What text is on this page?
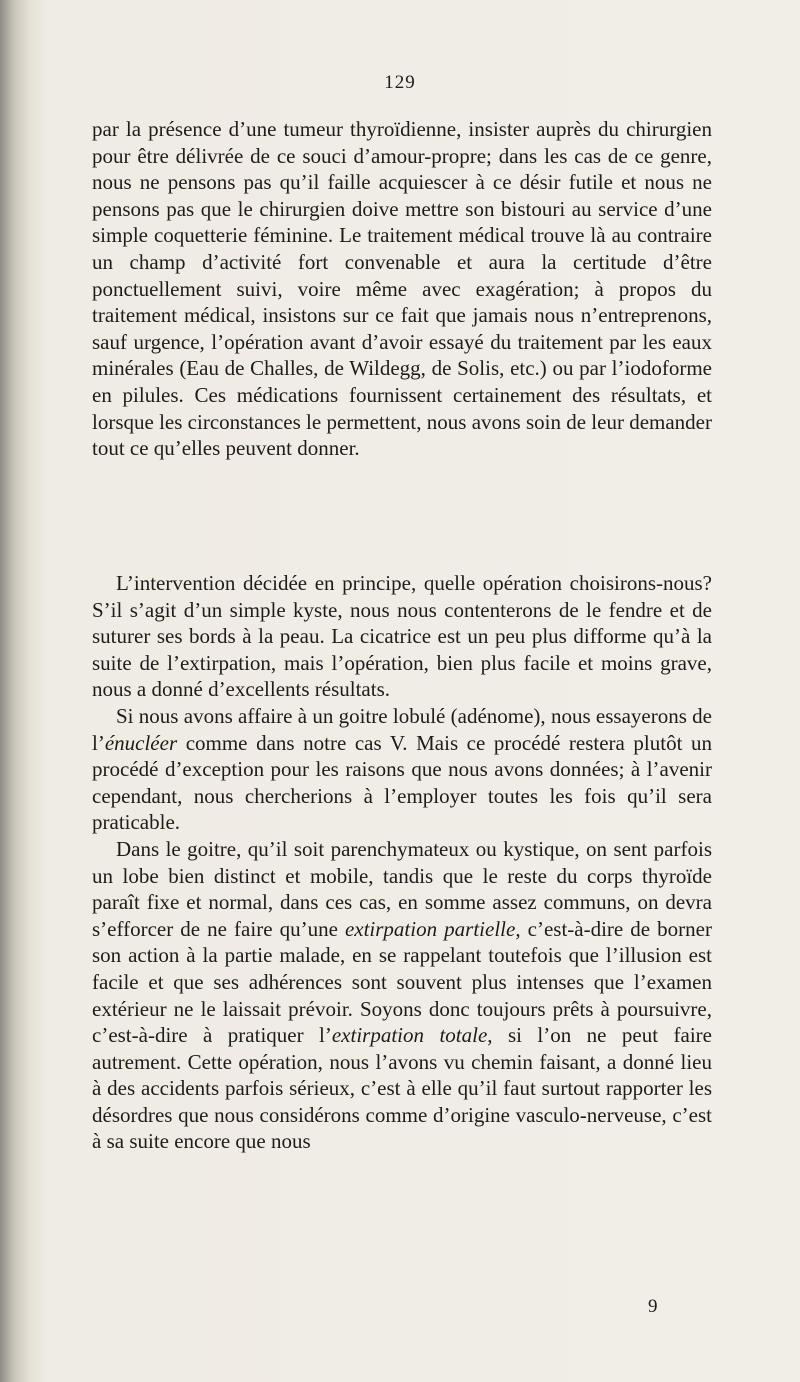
129

par la présence d’une tumeur thyroïdienne, insister auprès du chirurgien pour être délivrée de ce souci d’amour-propre; dans les cas de ce genre, nous ne pensons pas qu’il faille acquiescer à ce désir futile et nous ne pensons pas que le chirurgien doive mettre son bistouri au service d’une simple coquetterie féminine. Le traitement médical trouve là au contraire un champ d’activité fort convenable et aura la certitude d’être ponctuellement suivi, voire même avec exagération; à propos du traitement médical, insistons sur ce fait que jamais nous n’entreprenons, sauf urgence, l’opération avant d’avoir essayé du traitement par les eaux minérales (Eau de Challes, de Wildegg, de Solis, etc.) ou par l’iodoforme en pilules. Ces médications fournissent certainement des résultats, et lorsque les circonstances le permettent, nous avons soin de leur demander tout ce qu’elles peuvent donner.

L’intervention décidée en principe, quelle opération choisirons-nous? S’il s’agit d’un simple kyste, nous nous contenterons de le fendre et de suturer ses bords à la peau. La cicatrice est un peu plus difforme qu’à la suite de l’extirpation, mais l’opération, bien plus facile et moins grave, nous a donné d’excellents résultats.

Si nous avons affaire à un goitre lobulé (adénome), nous essayerons de l’énucléer comme dans notre cas V. Mais ce procédé restera plutôt un procédé d’exception pour les raisons que nous avons données; à l’avenir cependant, nous chercherions à l’employer toutes les fois qu’il sera praticable.

Dans le goitre, qu’il soit parenchymateux ou kystique, on sent parfois un lobe bien distinct et mobile, tandis que le reste du corps thyroïde paraît fixe et normal, dans ces cas, en somme assez communs, on devra s’efforcer de ne faire qu’une extirpation partielle, c’est-à-dire de borner son action à la partie malade, en se rappelant toutefois que l’illusion est facile et que ses adhérences sont souvent plus intenses que l’examen extérieur ne le laissait prévoir. Soyons donc toujours prêts à poursuivre, c’est-à-dire à pratiquer l’extirpation totale, si l’on ne peut faire autrement. Cette opération, nous l’avons vu chemin faisant, a donné lieu à des accidents parfois sérieux, c’est à elle qu’il faut surtout rapporter les désordres que nous considérons comme d’origine vasculo-nerveuse, c’est à sa suite encore que nous

9
